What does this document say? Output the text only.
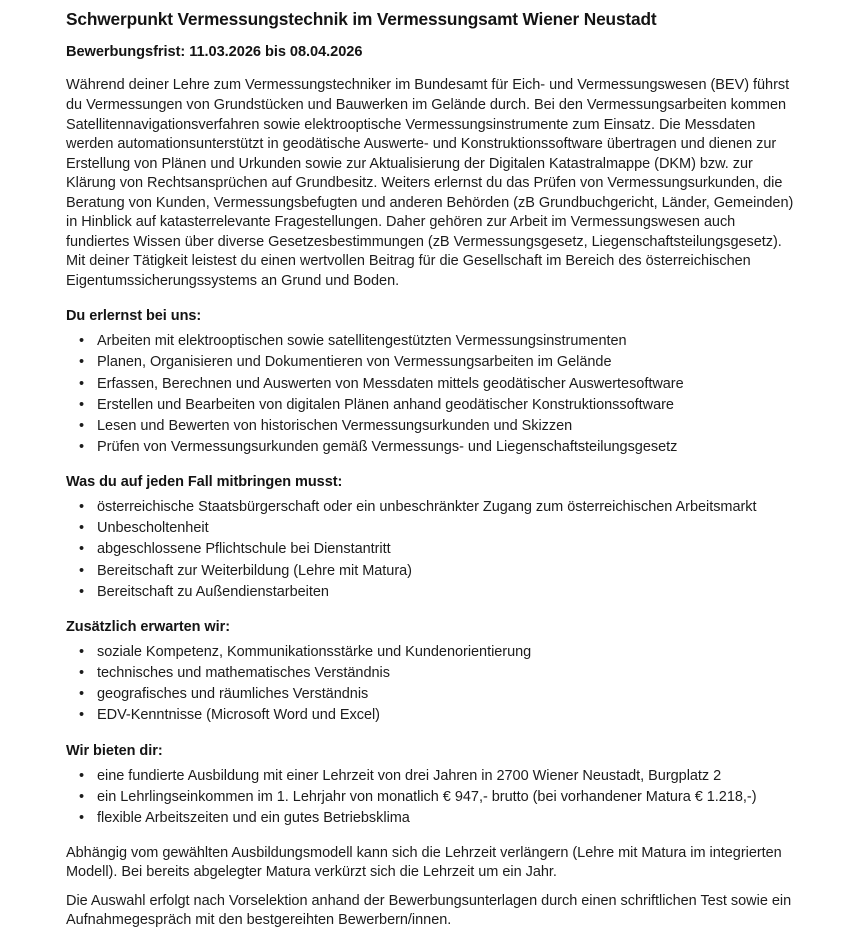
Schwerpunkt Vermessungstechnik im Vermessungsamt Wiener Neustadt

Bewerbungsfrist: 11.03.2026 bis 08.04.2026

Während deiner Lehre zum Vermessungstechniker im Bundesamt für Eich- und Vermessungswesen (BEV) führst du Vermessungen von Grundstücken und Bauwerken im Gelände durch. Bei den Vermessungsarbeiten kommen Satellitennavigationsverfahren sowie elektrooptische Vermessungsinstrumente zum Einsatz. Die Messdaten werden automationsunterstützt in geodätische Auswerte- und Konstruktionssoftware übertragen und dienen zur Erstellung von Plänen und Urkunden sowie zur Aktualisierung der Digitalen Katastralmappe (DKM) bzw. zur Klärung von Rechtsansprüchen auf Grundbesitz. Weiters erlernst du das Prüfen von Vermessungsurkunden, die Beratung von Kunden, Vermessungsbefugten und anderen Behörden (zB Grundbuchgericht, Länder, Gemeinden) in Hinblick auf katasterrelevante Fragestellungen. Daher gehören zur Arbeit im Vermessungswesen auch fundiertes Wissen über diverse Gesetzesbestimmungen (zB Vermessungsgesetz, Liegenschaftsteilungsgesetz). Mit deiner Tätigkeit leistest du einen wertvollen Beitrag für die Gesellschaft im Bereich des österreichischen Eigentumssicherungssystems an Grund und Boden.

Du erlernst bei uns:

• Arbeiten mit elektrooptischen sowie satellitengestützten Vermessungsinstrumenten
• Planen, Organisieren und Dokumentieren von Vermessungsarbeiten im Gelände
• Erfassen, Berechnen und Auswerten von Messdaten mittels geodätischer Auswertesoftware
• Erstellen und Bearbeiten von digitalen Plänen anhand geodätischer Konstruktionssoftware
• Lesen und Bewerten von historischen Vermessungsurkunden und Skizzen
• Prüfen von Vermessungsurkunden gemäß Vermessungs- und Liegenschaftsteilungsgesetz

Was du auf jeden Fall mitbringen musst:

• österreichische Staatsbürgerschaft oder ein unbeschränkter Zugang zum österreichischen Arbeitsmarkt
• Unbescholtenheit
• abgeschlossene Pflichtschule bei Dienstantritt
• Bereitschaft zur Weiterbildung (Lehre mit Matura)
• Bereitschaft zu Außendienstarbeiten

Zusätzlich erwarten wir:

• soziale Kompetenz, Kommunikationsstärke und Kundenorientierung
• technisches und mathematisches Verständnis
• geografisches und räumliches Verständnis
• EDV-Kenntnisse (Microsoft Word und Excel)

Wir bieten dir:

• eine fundierte Ausbildung mit einer Lehrzeit von drei Jahren in 2700 Wiener Neustadt, Burgplatz 2
• ein Lehrlingseinkommen im 1. Lehrjahr von monatlich € 947,- brutto (bei vorhandener Matura € 1.218,-)
• flexible Arbeitszeiten und ein gutes Betriebsklima

Abhängig vom gewählten Ausbildungsmodell kann sich die Lehrzeit verlängern (Lehre mit Matura im integrierten Modell). Bei bereits abgelegter Matura verkürzt sich die Lehrzeit um ein Jahr.

Die Auswahl erfolgt nach Vorselektion anhand der Bewerbungsunterlagen durch einen schriftlichen Test sowie ein Aufnahmegespräch mit den bestgereihten Bewerbern/innen.
